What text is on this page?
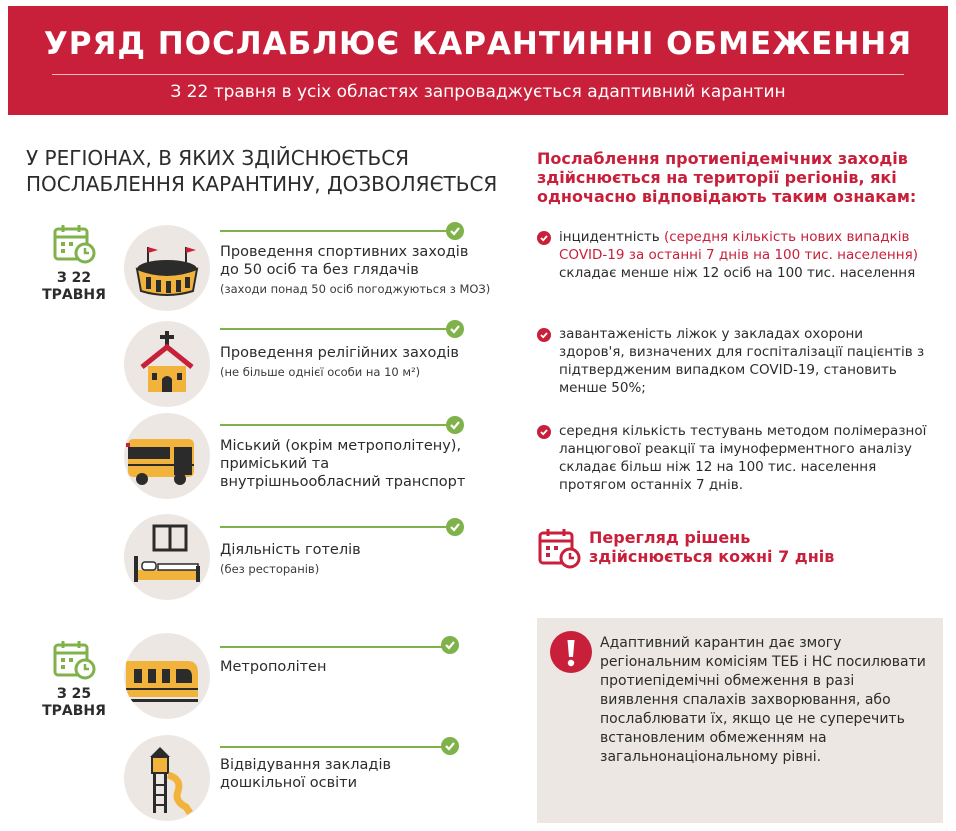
УРЯД ПОСЛАБЛЮЄ КАРАНТИННІ ОБМЕЖЕННЯ
З 22 травня в усіх областях запроваджується адаптивний карантин
У РЕГІОНАХ, В ЯКИХ ЗДІЙСНЮЄТЬСЯ
ПОСЛАБЛЕННЯ КАРАНТИНУ, ДОЗВОЛЯЄТЬСЯ
З 22
ТРАВНЯ
З 25
ТРАВНЯ
Проведення спортивних заходів до 50 осіб та без глядачів
(заходи понад 50 осіб погоджуються з МОЗ)
Проведення релігійних заходів
(не більше однієї особи на 10 м²)
Міський (окрім метрополітену), приміський та внутрішньообласний транспорт
Діяльність готелів
(без ресторанів)
Метрополітен
Відвідування закладів дошкільної освіти
Послаблення протиепідемічних заходів здійснюється на території регіонів, які одночасно відповідають таким ознакам:
інцидентність (середня кількість нових випадків COVID-19 за останні 7 днів на 100 тис. населення) складає менше ніж 12 осіб на 100 тис. населення
завантаженість ліжок у закладах охорони здоров'я, визначених для госпіталізації пацієнтів з підтвердженим випадком COVID-19, становить менше 50%;
середня кількість тестувань методом полімеразної ланцюгової реакції та імуноферментного аналізу складає більш ніж 12 на 100 тис. населення протягом останніх 7 днів.
Перегляд рішень
здійснюється кожні 7 днів
Адаптивний карантин дає змогу регіональним комісіям ТЕБ і НС посилювати протиепідемічні обмеження в разі виявлення спалахів захворювання, або послаблювати їх, якщо це не суперечить встановленим обмеженням на загальнонаціональному рівні.
